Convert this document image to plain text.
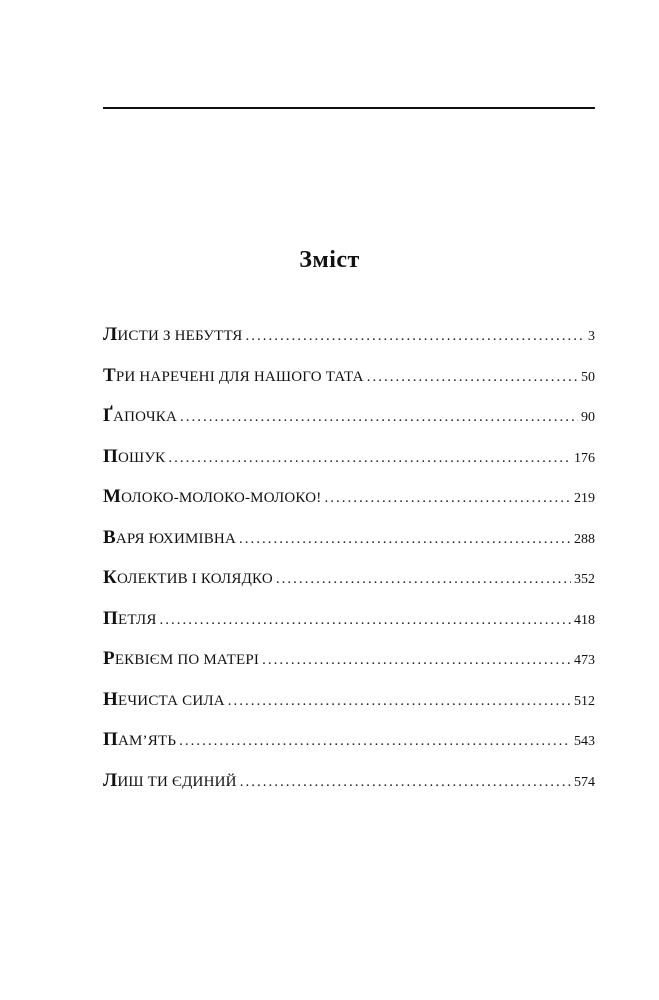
Зміст
ЛИСТИ З НЕБУТТЯ .....	3
ТРИ НАРЕЧЕНІ ДЛЯ НАШОГО ТАТА .....	50
ҐАПОЧКА .....	90
ПОШУК .....	176
МОЛОКО-МОЛОКО-МОЛОКО! .....	219
ВАРЯ ЮХИМІВНА .....	288
КОЛЕКТИВ І КОЛЯДКО .....	352
ПЕТЛЯ .....	418
РЕКВІЄМ ПО МАТЕРІ .....	473
НЕЧИСТА СИЛА .....	512
ПАМ’ЯТЬ .....	543
ЛИШ ТИ ЄДИНИЙ .....	574
